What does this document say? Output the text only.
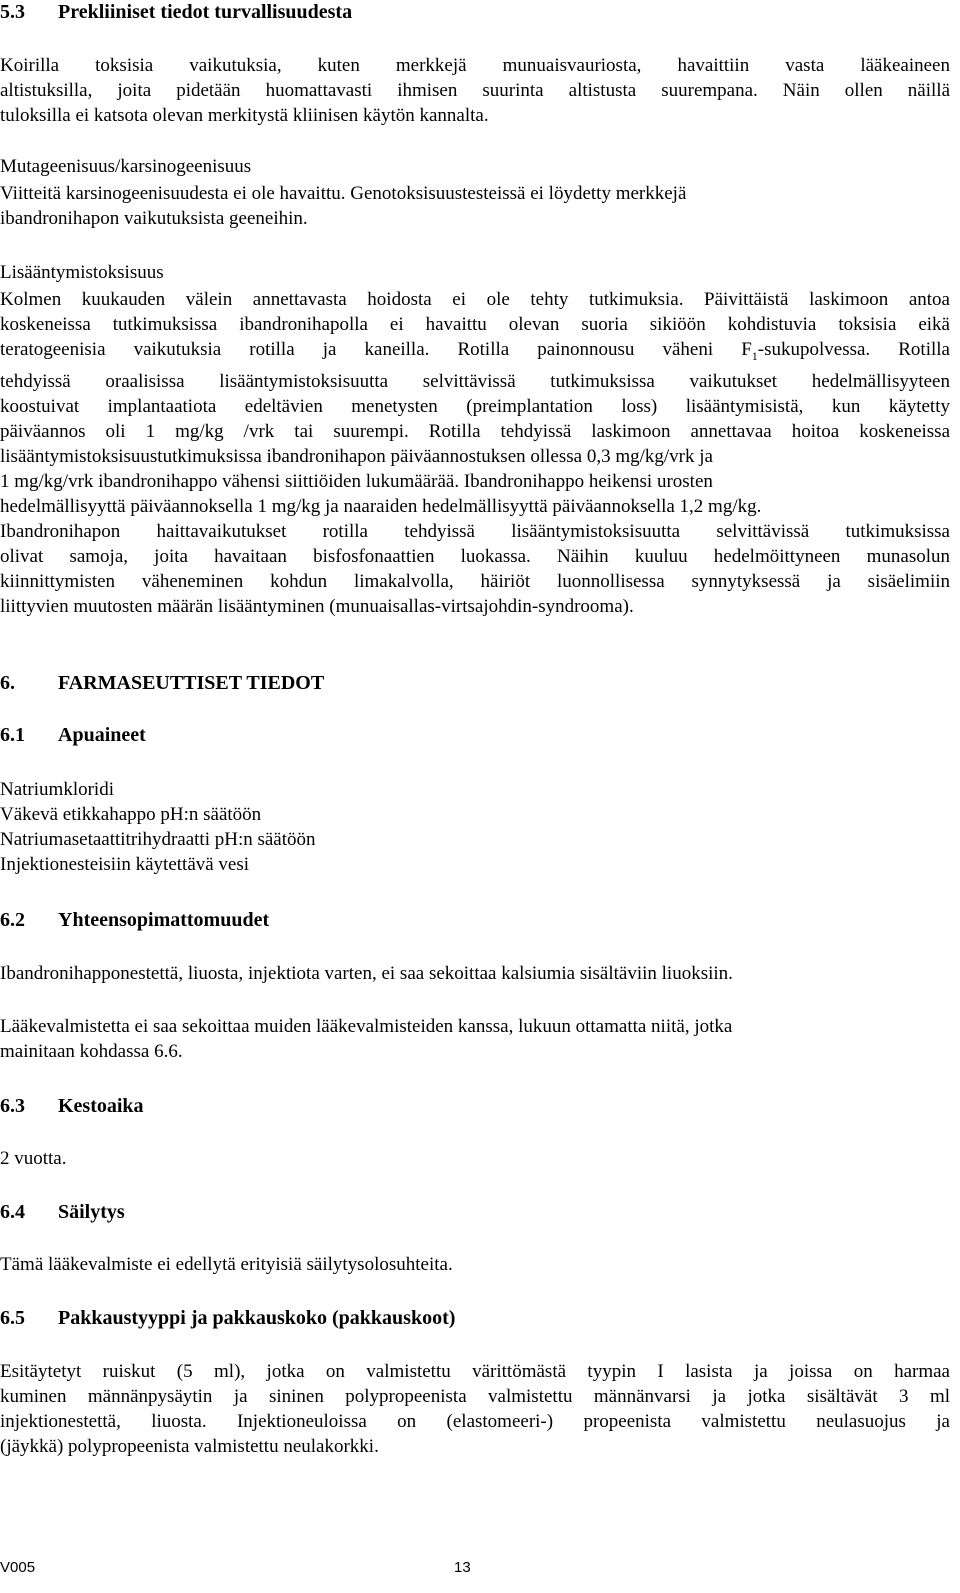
5.3 Prekliiniset tiedot turvallisuudesta
Koirilla toksisia vaikutuksia, kuten merkkejä munuaisvauriosta, havaittiin vasta lääkeaineen
altistuksilla, joita pidetään huomattavasti ihmisen suurinta altistusta suurempana. Näin ollen näillä
tuloksilla ei katsota olevan merkitystä kliinisen käytön kannalta.
Mutageenisuus/karsinogeenisuus
Viitteitä karsinogeenisuudesta ei ole havaittu. Genotoksisuustesteissä ei löydetty merkkejä
ibandronihapon vaikutuksista geeneihin.
Lisääntymistoksisuus
Kolmen kuukauden välein annettavasta hoidosta ei ole tehty tutkimuksia. Päivittäistä laskimoon antoa
koskeneissa tutkimuksissa ibandronihapolla ei havaittu olevan suoria sikiöön kohdistuvia toksisia eikä
teratogeenisia vaikutuksia rotilla ja kaneilla. Rotilla painonnousu väheni $F_1$-sukupolvessa. Rotilla
tehdyissä oraalisissa lisääntymistoksisuutta selvittävissä tutkimuksissa vaikutukset hedelmällisyyteen
koostuivat implantaatiota edeltävien menetysten (preimplantation loss) lisääntymisistä, kun käytetty
päiväannos oli 1 mg/kg /vrk tai suurempi. Rotilla tehdyissä laskimoon annettavaa hoitoa koskeneissa
lisääntymistoksisuustutkimuksissa ibandronihapon päiväannostuksen ollessa 0,3 mg/kg/vrk ja
1 mg/kg/vrk ibandronihappo vähensi siittiöiden lukumäärää. Ibandronihappo heikensi urosten
hedelmällisyyttä päiväannoksella 1 mg/kg ja naaraiden hedelmällisyyttä päiväannoksella 1,2 mg/kg.
Ibandronihapon haittavaikutukset rotilla tehdyissä lisääntymistoksisuutta selvittävissä tutkimuksissa
olivat samoja, joita havaitaan bisfosfonaattien luokassa. Näihin kuuluu hedelmöittyneen munasolun
kiinnittymisten väheneminen kohdun limakalvolla, häiriöt luonnollisessa synnytyksessä ja sisäelimiin
liittyvien muutosten määrän lisääntyminen (munuaisallas-virtsajohdin-syndrooma).
6. FARMASEUTTISET TIEDOT
6.1 Apuaineet
Natriumkloridi
Väkevä etikkahappo pH:n säätöön
Natriumasetaattitrihydraatti pH:n säätöön
Injektionesteisiin käytettävä vesi
6.2 Yhteensopimattomuudet
Ibandronihapponestettä, liuosta, injektiota varten, ei saa sekoittaa kalsiumia sisältäviin liuoksiin.
Lääkevalmistetta ei saa sekoittaa muiden lääkevalmisteiden kanssa, lukuun ottamatta niitä, jotka
mainitaan kohdassa 6.6.
6.3 Kestoaika
2 vuotta.
6.4 Säilytys
Tämä lääkevalmiste ei edellytä erityisiä säilytysolosuhteita.
6.5 Pakkaustyyppi ja pakkauskoko (pakkauskoot)
Esitäytetyt ruiskut (5 ml), jotka on valmistettu värittömästä tyypin I lasista ja joissa on harmaa
kuminen männänpysäytin ja sininen polypropeenista valmistettu männänvarsi ja jotka sisältävät 3 ml
injektionestettä, liuosta. Injektioneuloissa on (elastomeeri-) propeenista valmistettu neulasuojus ja
(jäykkä) polypropeenista valmistettu neulakorkki.
V005	13
